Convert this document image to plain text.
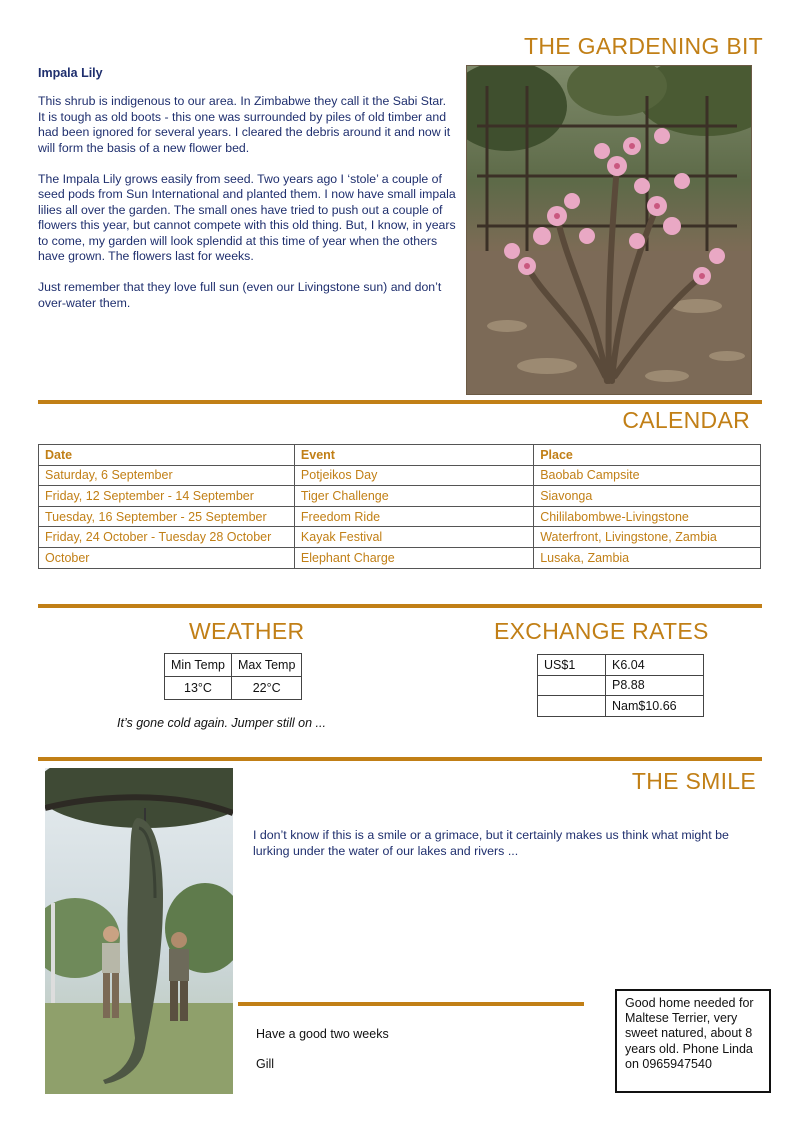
THE GARDENING BIT
Impala Lily

This shrub is indigenous to our area. In Zimbabwe they call it the Sabi Star. It is tough as old boots - this one was surrounded by piles of old timber and had been ignored for several years. I cleared the debris around it and now it will form the basis of a new flower bed.

The Impala Lily grows easily from seed. Two years ago I ‘stole’ a couple of seed pods from Sun International and planted them. I now have small impala lilies all over the garden. The small ones have tried to push out a couple of flowers this year, but cannot compete with this old thing. But, I know, in years to come, my garden will look splendid at this time of year when the others have grown. The flowers last for weeks.

Just remember that they love full sun (even our Livingstone sun) and don’t over-water them.

CALENDAR
Date	Event	Place
Saturday, 6 September	Potjeikos Day	Baobab Campsite
Friday, 12 September - 14 September	Tiger Challenge	Siavonga
Tuesday, 16 September - 25 September	Freedom Ride	Chililabombwe-Livingstone
Friday, 24 October - Tuesday 28 October	Kayak Festival	Waterfront, Livingstone, Zambia
October	Elephant Charge	Lusaka, Zambia
WEATHER
Min Temp	Max Temp
13°C	22°C
It’s gone cold again. Jumper still on ...
EXCHANGE RATES
US$1	K6.04
	P8.88
	Nam$10.66
THE SMILE
I don’t know if this is a smile or a grimace, but it certainly makes us think what might be lurking under the water of our lakes and rivers ...
Have a good two weeks
Gill
Good home needed for Maltese Terrier, very sweet natured, about 8 years old. Phone Linda on 0965947540
